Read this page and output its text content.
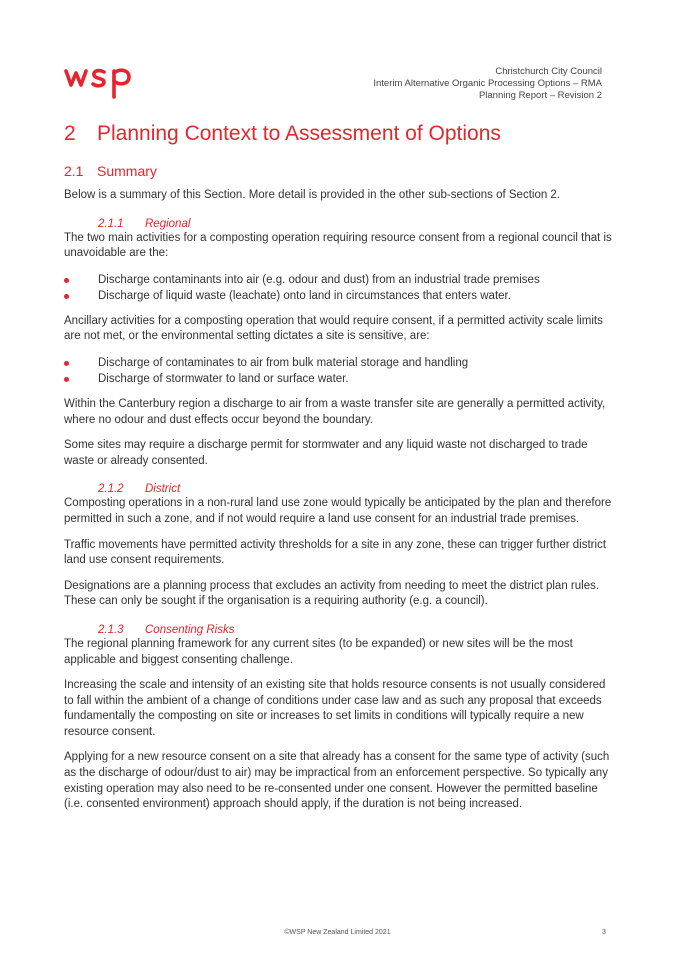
wsp
Christchurch City Council
Interim Alternative Organic Processing Options – RMA
Planning Report – Revision 2
2	Planning Context to Assessment of Options
2.1 Summary

Below is a summary of this Section. More detail is provided in the other sub-sections of Section 2.

2.1.1	Regional

The two main activities for a composting operation requiring resource consent from a regional council that is unavoidable are the:

Discharge contaminants into air (e.g. odour and dust) from an industrial trade premises
Discharge of liquid waste (leachate) onto land in circumstances that enters water.

Ancillary activities for a composting operation that would require consent, if a permitted activity scale limits are not met, or the environmental setting dictates a site is sensitive, are:

Discharge of contaminates to air from bulk material storage and handling
Discharge of stormwater to land or surface water.

Within the Canterbury region a discharge to air from a waste transfer site are generally a permitted activity, where no odour and dust effects occur beyond the boundary.

Some sites may require a discharge permit for stormwater and any liquid waste not discharged to trade waste or already consented.

2.1.2	District

Composting operations in a non-rural land use zone would typically be anticipated by the plan and therefore permitted in such a zone, and if not would require a land use consent for an industrial trade premises.

Traffic movements have permitted activity thresholds for a site in any zone, these can trigger further district land use consent requirements.

Designations are a planning process that excludes an activity from needing to meet the district plan rules. These can only be sought if the organisation is a requiring authority (e.g. a council).

2.1.3	Consenting Risks

The regional planning framework for any current sites (to be expanded) or new sites will be the most applicable and biggest consenting challenge.

Increasing the scale and intensity of an existing site that holds resource consents is not usually considered to fall within the ambient of a change of conditions under case law and as such any proposal that exceeds fundamentally the composting on site or increases to set limits in conditions will typically require a new resource consent.

Applying for a new resource consent on a site that already has a consent for the same type of activity (such as the discharge of odour/dust to air) may be impractical from an enforcement perspective. So typically any existing operation may also need to be re-consented under one consent. However the permitted baseline (i.e. consented environment) approach should apply, if the duration is not being increased.

©WSP New Zealand Limited 2021	3
